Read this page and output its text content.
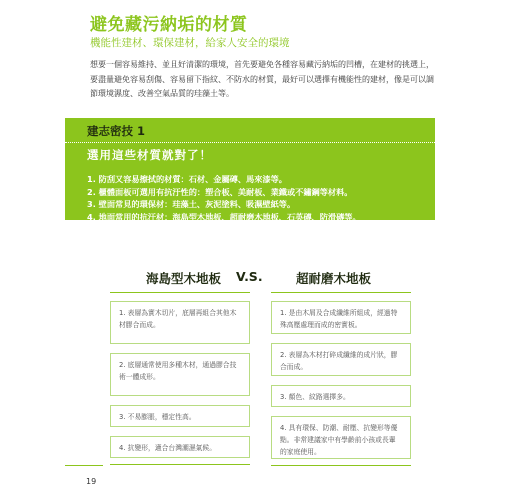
避免藏污納垢的材質
機能性建材、環保建材，給家人安全的環境
想要一個容易維持、並且好清潔的環境，首先要避免各種容易藏污納垢的凹槽，在建材的挑選上，要盡量避免容易刮傷、容易留下指紋、不防水的材質，最好可以選擇有機能性的建材，像是可以調節環境濕度、改善空氣品質的珪藻土等。
建志密技 1
選用這些材質就對了！
1. 防刮又容易擦拭的材質：石材、金屬磚、馬來漆等。
2. 櫃體面板可選用有抗汙性的：塑合板、美耐板、業鐵或不鏽鋼等材料。
3. 壁面常見的環保材：珪藻土、灰泥塗料、吸濕壁紙等。
4. 地面常用的抗汙材：海島型木地板、超耐磨木地板、石英磚、防滑磚等。
海島型木地板 V.S.	超耐磨木地板
1. 表層為實木切片，底層再組合其他木材膠合而成。
2. 底層通常使用多種木材，通過膠合技術一體成形。
3. 不易膨脹，穩定性高。
4. 抗變形，適合台灣潮濕氣候。
1. 是由木屑及合成纖維所組成，經過特殊高壓處理而成的密實板。
2. 表層為木材打碎成纖維的成片狀，膠合而成。
3. 顏色、紋路選擇多。
4. 具有環保、防潮、耐壓、抗變形等優點。非常建議家中有學齡前小孩或長輩的家庭使用。
19
